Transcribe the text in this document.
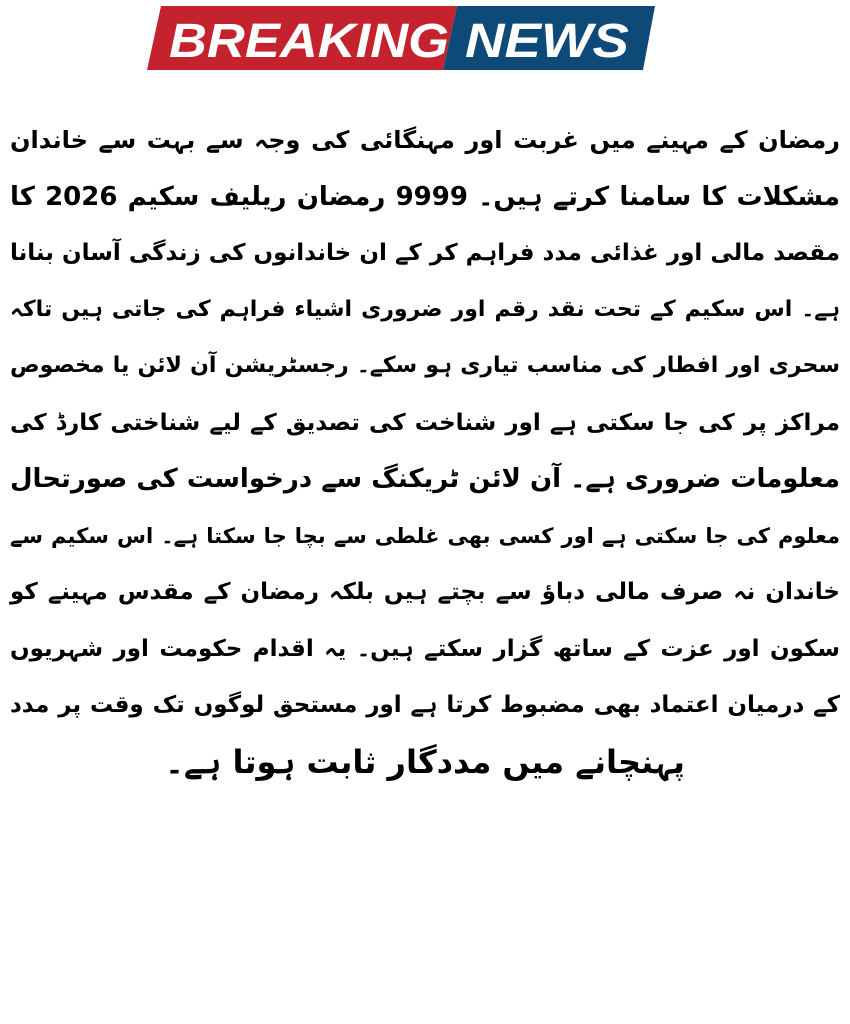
BREAKING NEWS
رمضان کے مہینے میں غربت اور مہنگائی کی وجہ سے بہت سے خاندان
مشکلات کا سامنا کرتے ہیں۔ 9999 رمضان ریلیف سکیم 2026 کا
مقصد مالی اور غذائی مدد فراہم کر کے ان خاندانوں کی زندگی آسان بنانا
ہے۔ اس سکیم کے تحت نقد رقم اور ضروری اشیاء فراہم کی جاتی ہیں تاکہ
سحری اور افطار کی مناسب تیاری ہو سکے۔ رجسٹریشن آن لائن یا مخصوص
مراکز پر کی جا سکتی ہے اور شناخت کی تصدیق کے لیے شناختی کارڈ کی
معلومات ضروری ہے۔ آن لائن ٹریکنگ سے درخواست کی صورتحال
معلوم کی جا سکتی ہے اور کسی بھی غلطی سے بچا جا سکتا ہے۔ اس سکیم سے
خاندان نہ صرف مالی دباؤ سے بچتے ہیں بلکہ رمضان کے مقدس مہینے کو
سکون اور عزت کے ساتھ گزار سکتے ہیں۔ یہ اقدام حکومت اور شہریوں
کے درمیان اعتماد بھی مضبوط کرتا ہے اور مستحق لوگوں تک وقت پر مدد
پہنچانے میں مددگار ثابت ہوتا ہے۔
